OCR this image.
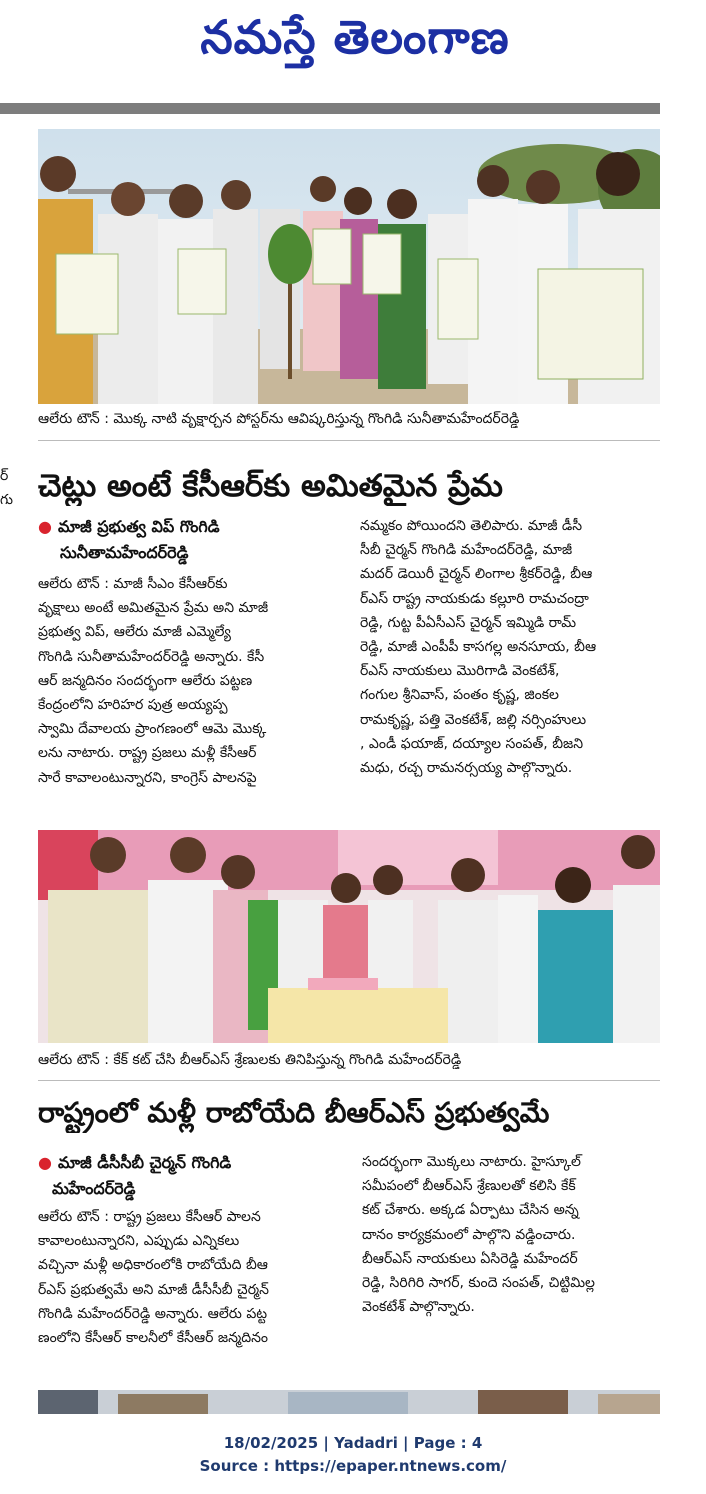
నమస్తే తెలంగాణ
ఆలేరు టౌన్ : మొక్క నాటి వృక్షార్చన పోస్టర్‌ను ఆవిష్కరిస్తున్న గొంగిడి సునీతామహేందర్‌రెడ్డి
ర్
గు చెట్లు అంటే కేసీఆర్‌కు అమితమైన ప్రేమ
● మాజీ ప్రభుత్వ విప్ గొంగిడి
సునీతామహేందర్‌రెడ్డి

ఆలేరు టౌన్ : మాజీ సీఎం కేసీఆర్‌కు

వృక్షాలు అంటే అమితమైన ప్రేమ అని మాజీ

ప్రభుత్వ విప్, ఆలేరు మాజీ ఎమ్మెల్యే

గొంగిడి సునీతామహేందర్‌రెడ్డి అన్నారు. కేసీ

ఆర్ జన్మదినం సందర్భంగా ఆలేరు పట్టణ

కేంద్రంలోని హరిహర పుత్ర అయ్యప్ప

స్వామి దేవాలయ ప్రాంగణంలో ఆమె మొక్క

లను నాటారు. రాష్ట్ర ప్రజలు మళ్లీ కేసీఆర్

సారే కావాలంటున్నారని, కాంగ్రెస్ పాలనపై

నమ్మకం పోయిందని తెలిపారు. మాజీ డీసీ

సీబీ చైర్మన్ గొంగిడి మహేందర్‌రెడ్డి, మాజీ

మదర్ డెయిరీ చైర్మన్ లింగాల శ్రీకర్‌రెడ్డి, బీఆ

ర్‌ఎస్ రాష్ట్ర నాయకుడు కల్లూరి రామచంద్రా

రెడ్డి, గుట్ట పీఏసీఎస్ చైర్మన్ ఇమ్మిడి రామ్

రెడ్డి, మాజీ ఎంపీపీ కాసగల్ల అనసూయ, బీఆ

ర్‌ఎస్ నాయకులు మొరిగాడి వెంకటేశ్,

గంగుల శ్రీనివాస్, పంతం కృష్ణ, జింకల

రామకృష్ణ, పత్తి వెంకటేశ్, జల్లి నర్సింహులు

, ఎండీ ఫయాజ్, దయ్యాల సంపత్, బీజని

మధు, రచ్చ రామనర్సయ్య పాల్గొన్నారు.

ఆలేరు టౌన్ : కేక్ కట్ చేసి బీఆర్‌ఎస్ శ్రేణులకు తినిపిస్తున్న గొంగిడి మహేందర్‌రెడ్డి
రాష్ట్రంలో మళ్లీ రాబోయేది బీఆర్‌ఎస్ ప్రభుత్వమే
● మాజీ డీసీసీబీ చైర్మన్ గొంగిడి
మహేందర్‌రెడ్డి

ఆలేరు టౌన్ : రాష్ట్ర ప్రజలు కేసీఆర్ పాలన

కావాలంటున్నారని, ఎప్పుడు ఎన్నికలు

వచ్చినా మళ్లీ అధికారంలోకి రాబోయేది బీఆ

ర్‌ఎస్ ప్రభుత్వమే అని మాజీ డీసీసీబీ చైర్మన్

గొంగిడి మహేందర్‌రెడ్డి అన్నారు. ఆలేరు పట్ట

ణంలోని కేసీఆర్ కాలనీలో కేసీఆర్ జన్మదినం

సందర్భంగా మొక్కలు నాటారు. హైస్కూల్

సమీపంలో బీఆర్‌ఎస్ శ్రేణులతో కలిసి కేక్

కట్ చేశారు. అక్కడ ఏర్పాటు చేసిన అన్న

దానం కార్యక్రమంలో పాల్గొని వడ్డించారు.

బీఆర్‌ఎస్ నాయకులు ఏసిరెడ్డి మహేందర్

రెడ్డి, సిరిగిరి సాగర్, కుందె సంపత్, చిట్టిమిల్ల

వెంకటేశ్ పాల్గొన్నారు.

18/02/2025 | Yadadri | Page : 4
Source : https://epaper.ntnews.com/
